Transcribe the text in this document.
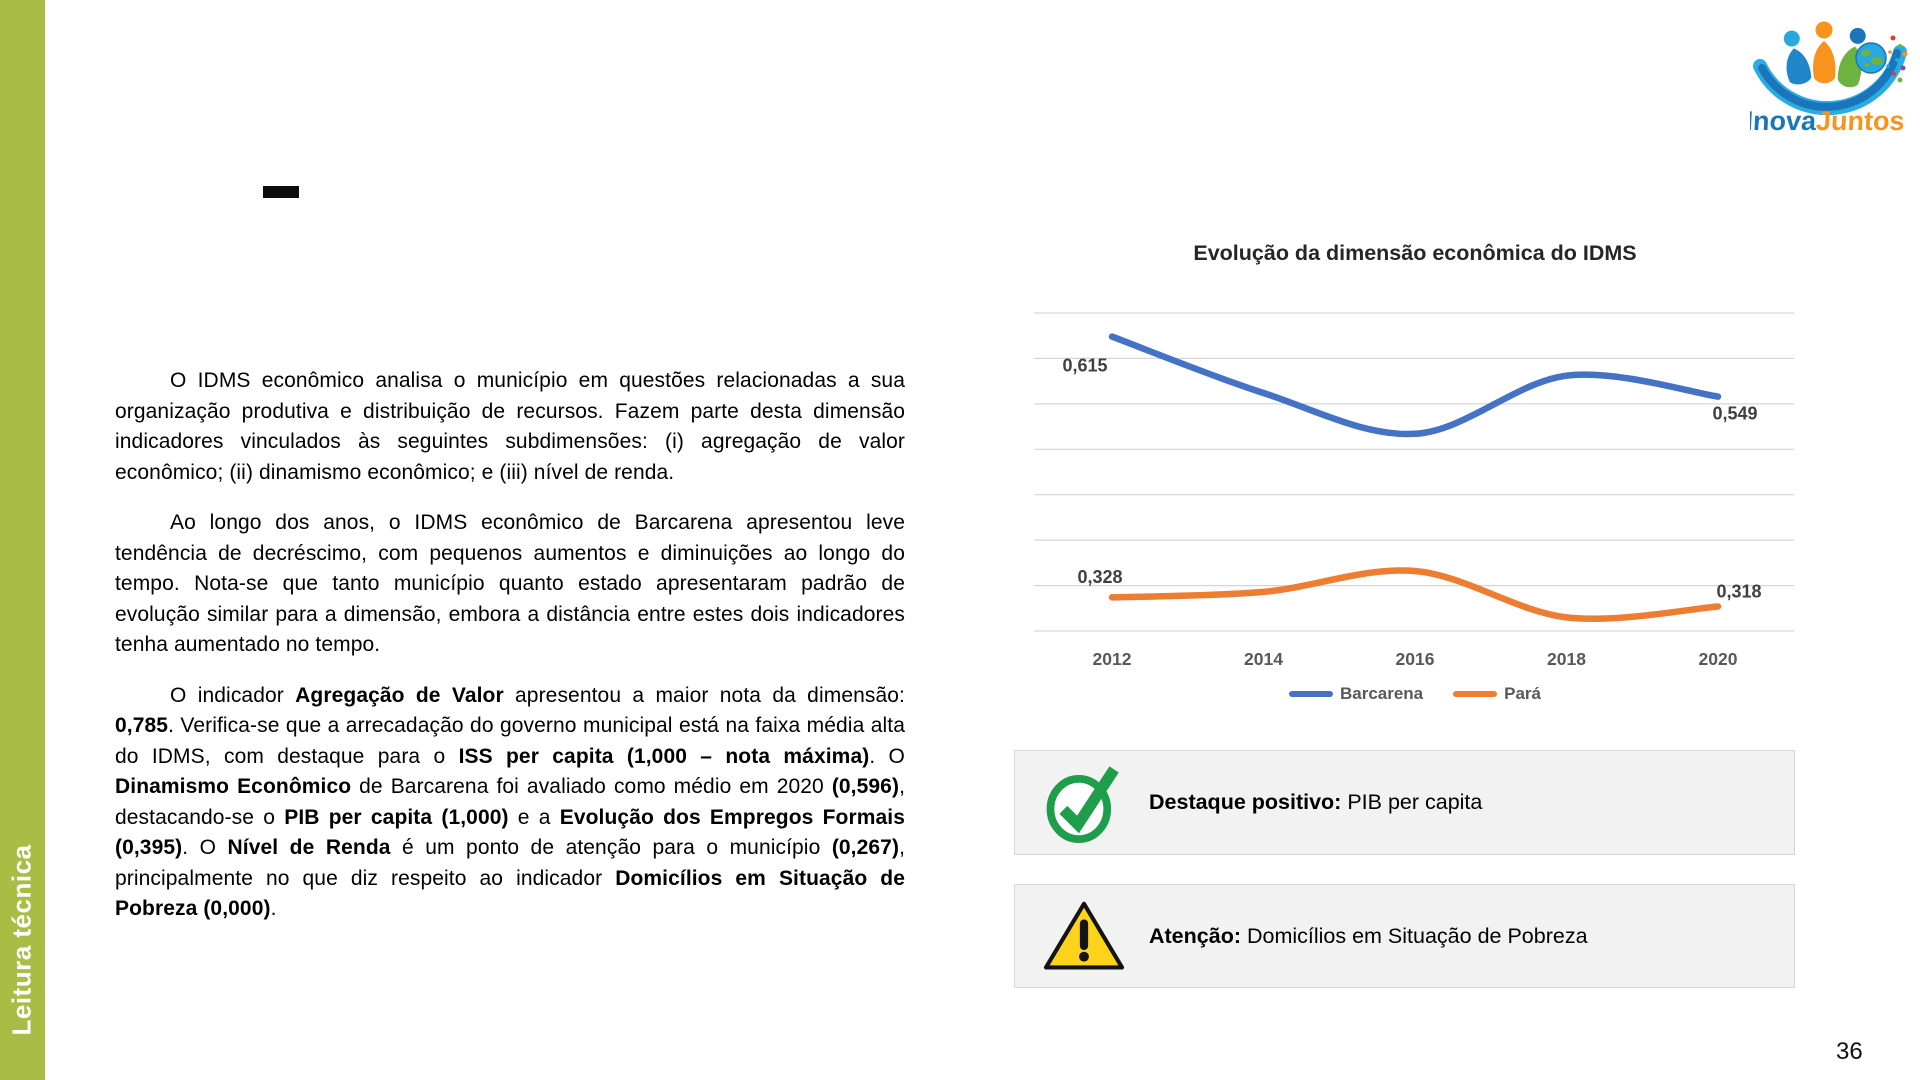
Leitura técnica
InovaJuntos

O IDMS econômico analisa o município em questões relacionadas a sua organização produtiva e distribuição de recursos. Fazem parte desta dimensão indicadores vinculados às seguintes subdimensões: (i) agregação de valor econômico; (ii) dinamismo econômico; e (iii) nível de renda.

Ao longo dos anos, o IDMS econômico de Barcarena apresentou leve tendência de decréscimo, com pequenos aumentos e diminuições ao longo do tempo. Nota-se que tanto município quanto estado apresentaram padrão de evolução similar para a dimensão, embora a distância entre estes dois indicadores tenha aumentado no tempo.

O indicador Agregação de Valor apresentou a maior nota da dimensão: 0,785. Verifica-se que a arrecadação do governo municipal está na faixa média alta do IDMS, com destaque para o ISS per capita (1,000 – nota máxima). O Dinamismo Econômico de Barcarena foi avaliado como médio em 2020 (0,596), destacando-se o PIB per capita (1,000) e a Evolução dos Empregos Formais (0,395). O Nível de Renda é um ponto de atenção para o município (0,267), principalmente no que diz respeito ao indicador Domicílios em Situação de Pobreza (0,000).

Evolução da dimensão econômica do IDMS
0,615
0,549
0,328
0,318
2012	2014	2016	2018	2020
Barcarena	Pará
Destaque positivo: PIB per capita
Atenção: Domicílios em Situação de Pobreza
36
